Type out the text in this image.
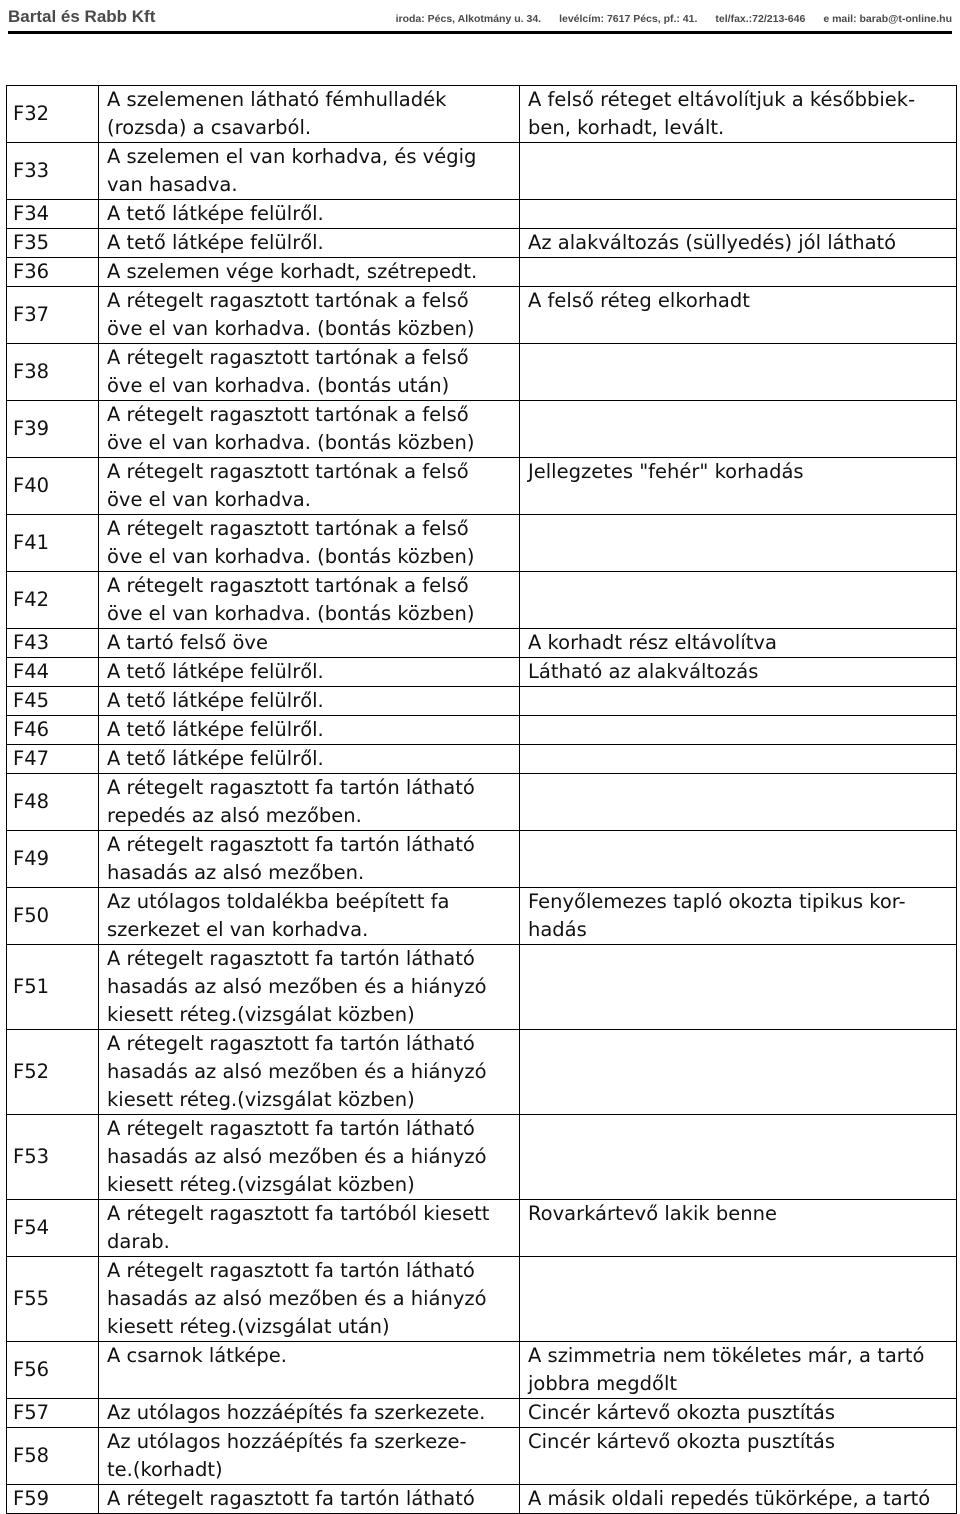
Bartal és Rabb Kft	iroda: Pécs, Alkotmány u. 34. levélcím: 7617 Pécs, pf.: 41. tel/fax.:72/213-646 e mail: barab@t-online.hu
F32	A szelemenen látható fémhulladék
(rozsda) a csavarból.	A felső réteget eltávolítjuk a későbbiek-
ben, korhadt, levált.
F33	A szelemen el van korhadva, és végig
van hasadva.	
F34	A tető látképe felülről.	
F35	A tető látképe felülről.	Az alakváltozás (süllyedés) jól látható
F36	A szelemen vége korhadt, szétrepedt.	
F37	A rétegelt ragasztott tartónak a felső
öve el van korhadva. (bontás közben)	A felső réteg elkorhadt
F38	A rétegelt ragasztott tartónak a felső
öve el van korhadva. (bontás után)	
F39	A rétegelt ragasztott tartónak a felső
öve el van korhadva. (bontás közben)	
F40	A rétegelt ragasztott tartónak a felső
öve el van korhadva.	Jellegzetes "fehér" korhadás
F41	A rétegelt ragasztott tartónak a felső
öve el van korhadva. (bontás közben)	
F42	A rétegelt ragasztott tartónak a felső
öve el van korhadva. (bontás közben)	
F43	A tartó felső öve	A korhadt rész eltávolítva
F44	A tető látképe felülről.	Látható az alakváltozás
F45	A tető látképe felülről.	
F46	A tető látképe felülről.	
F47	A tető látképe felülről.	
F48	A rétegelt ragasztott fa tartón látható
repedés az alsó mezőben.	
F49	A rétegelt ragasztott fa tartón látható
hasadás az alsó mezőben.	
F50	Az utólagos toldalékba beépített fa
szerkezet el van korhadva.	Fenyőlemezes tapló okozta tipikus kor-
hadás
F51	A rétegelt ragasztott fa tartón látható
hasadás az alsó mezőben és a hiányzó
kiesett réteg.(vizsgálat közben)	
F52	A rétegelt ragasztott fa tartón látható
hasadás az alsó mezőben és a hiányzó
kiesett réteg.(vizsgálat közben)	
F53	A rétegelt ragasztott fa tartón látható
hasadás az alsó mezőben és a hiányzó
kiesett réteg.(vizsgálat közben)	
F54	A rétegelt ragasztott fa tartóból kiesett
darab.	Rovarkártevő lakik benne
F55	A rétegelt ragasztott fa tartón látható
hasadás az alsó mezőben és a hiányzó
kiesett réteg.(vizsgálat után)	
F56	A csarnok látképe.	A szimmetria nem tökéletes már, a tartó
jobbra megdőlt
F57	Az utólagos hozzáépítés fa szerkezete.	Cincér kártevő okozta pusztítás
F58	Az utólagos hozzáépítés fa szerkeze-
te.(korhadt)	Cincér kártevő okozta pusztítás
F59	A rétegelt ragasztott fa tartón látható	A másik oldali repedés tükörképe, a tartó
